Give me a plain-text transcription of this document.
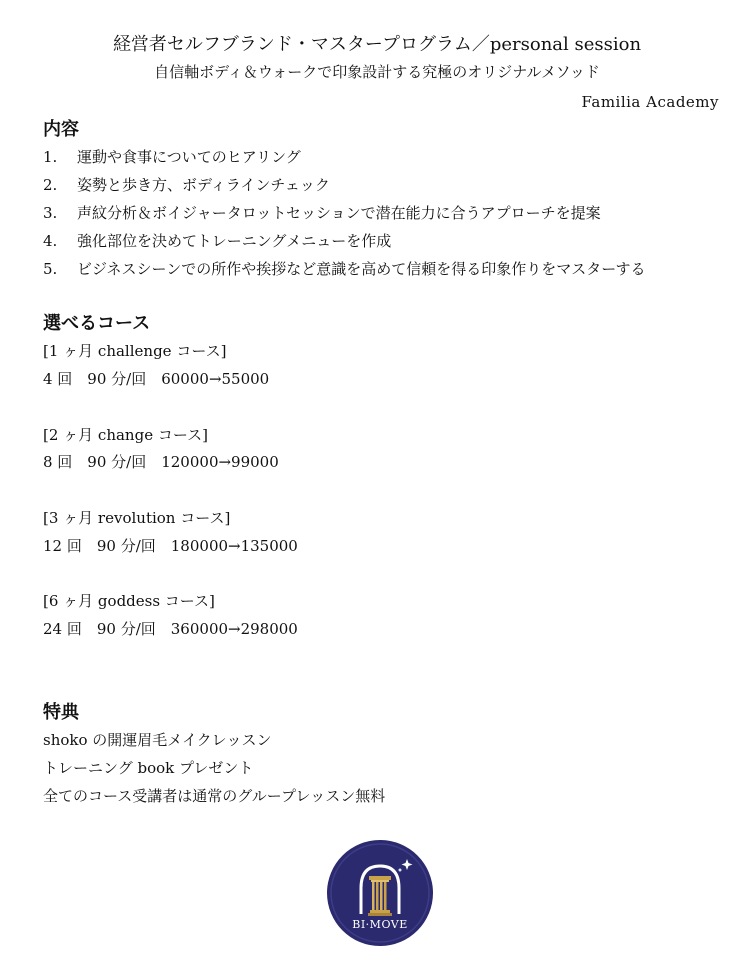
経営者セルフブランド・マスタープログラム／personal session
自信軸ボディ＆ウォークで印象設計する究極のオリジナルメソッド
Familia Academy
内容
1. 運動や食事についてのヒアリング
2. 姿勢と歩き方、ボディラインチェック
3. 声紋分析＆ボイジャータロットセッションで潜在能力に合うアプローチを提案
4. 強化部位を決めてトレーニングメニューを作成
5. ビジネスシーンでの所作や挨拶など意識を高めて信頼を得る印象作りをマスターする
選べるコース
[1 ヶ月 challenge コース]
4 回　90 分/回　60000→55000
[2 ヶ月 change コース]
8 回　90 分/回　120000→99000
[3 ヶ月 revolution コース]
12 回　90 分/回　180000→135000
[6 ヶ月 goddess コース]
24 回　90 分/回　360000→298000
特典
shoko の開運眉毛メイクレッスン
トレーニング book プレゼント
全てのコース受講者は通常のグループレッスン無料
BI·MOVE
